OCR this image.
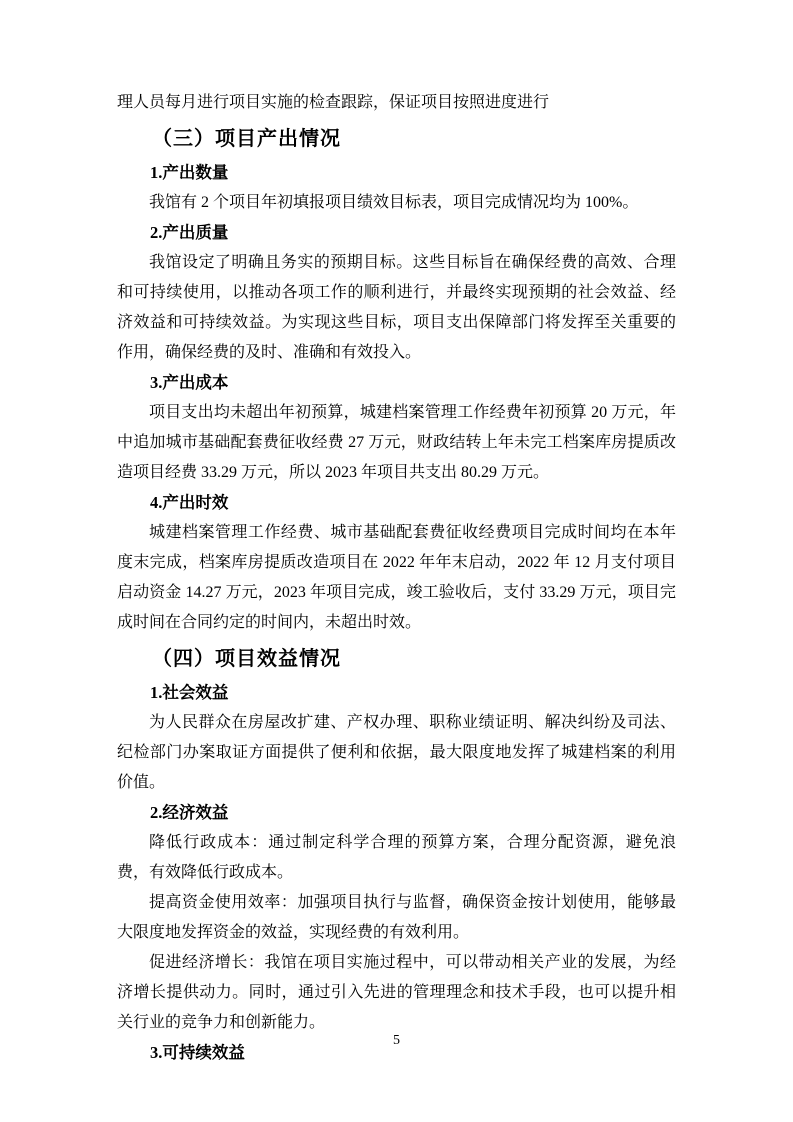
理人员每月进行项目实施的检查跟踪，保证项目按照进度进行
（三）项目产出情况
1.产出数量
我馆有 2 个项目年初填报项目绩效目标表，项目完成情况均为 100%。
2.产出质量
我馆设定了明确且务实的预期目标。这些目标旨在确保经费的高效、合理和可持续使用，以推动各项工作的顺利进行，并最终实现预期的社会效益、经济效益和可持续效益。为实现这些目标，项目支出保障部门将发挥至关重要的作用，确保经费的及时、准确和有效投入。
3.产出成本
项目支出均未超出年初预算，城建档案管理工作经费年初预算 20 万元，年中追加城市基础配套费征收经费 27 万元，财政结转上年未完工档案库房提质改造项目经费 33.29 万元，所以 2023 年项目共支出 80.29 万元。
4.产出时效
城建档案管理工作经费、城市基础配套费征收经费项目完成时间均在本年度末完成，档案库房提质改造项目在 2022 年年末启动，2022 年 12 月支付项目启动资金 14.27 万元，2023 年项目完成，竣工验收后，支付 33.29 万元，项目完成时间在合同约定的时间内，未超出时效。
（四）项目效益情况
1.社会效益
为人民群众在房屋改扩建、产权办理、职称业绩证明、解决纠纷及司法、纪检部门办案取证方面提供了便利和依据，最大限度地发挥了城建档案的利用价值。
2.经济效益
降低行政成本：通过制定科学合理的预算方案，合理分配资源，避免浪费，有效降低行政成本。
提高资金使用效率：加强项目执行与监督，确保资金按计划使用，能够最大限度地发挥资金的效益，实现经费的有效利用。
促进经济增长：我馆在项目实施过程中，可以带动相关产业的发展，为经济增长提供动力。同时，通过引入先进的管理理念和技术手段，也可以提升相关行业的竞争力和创新能力。
3.可持续效益
5
